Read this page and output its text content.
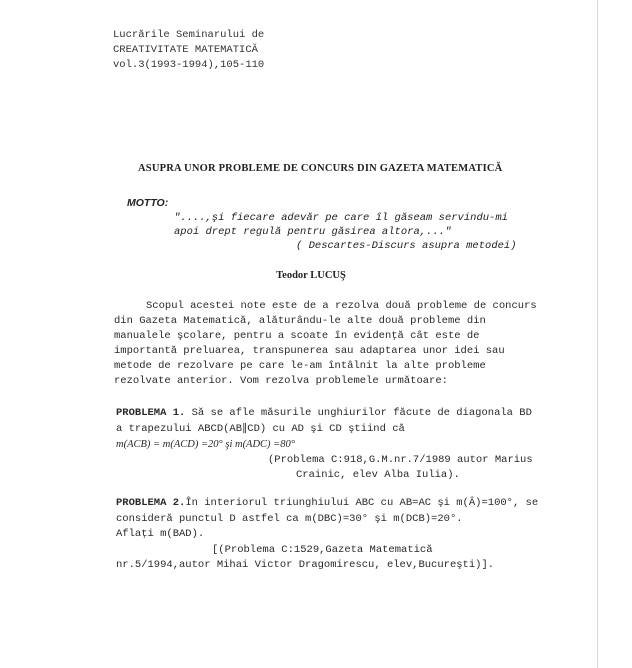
Lucrările Seminarului de
CREATIVITATE MATEMATICĂ
vol.3(1993-1994),105-110
ASUPRA UNOR PROBLEME DE CONCURS DIN GAZETA MATEMATICĂ
MOTTO:
"....,şi fiecare adevăr pe care îl găseam servindu-mi
apoi drept regulă pentru găsirea altora,..."
( Descartes-Discurs asupra metodei)
Teodor LUCUŞ
Scopul acestei note este de a rezolva două probleme de concurs
din Gazeta Matematică, alăturându-le alte două probleme din
manualele şcolare, pentru a scoate în evidenţă cât este de
importantă preluarea, transpunerea sau adaptarea unor idei sau
metode de rezolvare pe care le-am întâlnit la alte probleme
rezolvate anterior. Vom rezolva problemele următoare:
PROBLEMA 1. Să se afle măsurile unghiurilor făcute de diagonala BD
a trapezului ABCD(AB∥CD) cu AD şi CD ştiind că
m(ACB) = m(ACD) =20° şi m(ADC) =80°
(Problema C:918,G.M.nr.7/1989 autor Marius
Crainic, elev Alba Iulia).
PROBLEMA 2.În interiorul triunghiului ABC cu AB=AC şi m(Â)=100°, se
consideră punctul D astfel ca m(DBC)=30° şi m(DCB)=20°.
Aflaţi m(BAD).
[(Problema C:1529,Gazeta Matematică
nr.5/1994,autor Mihai Victor Dragomirescu, elev,Bucureşti)].
